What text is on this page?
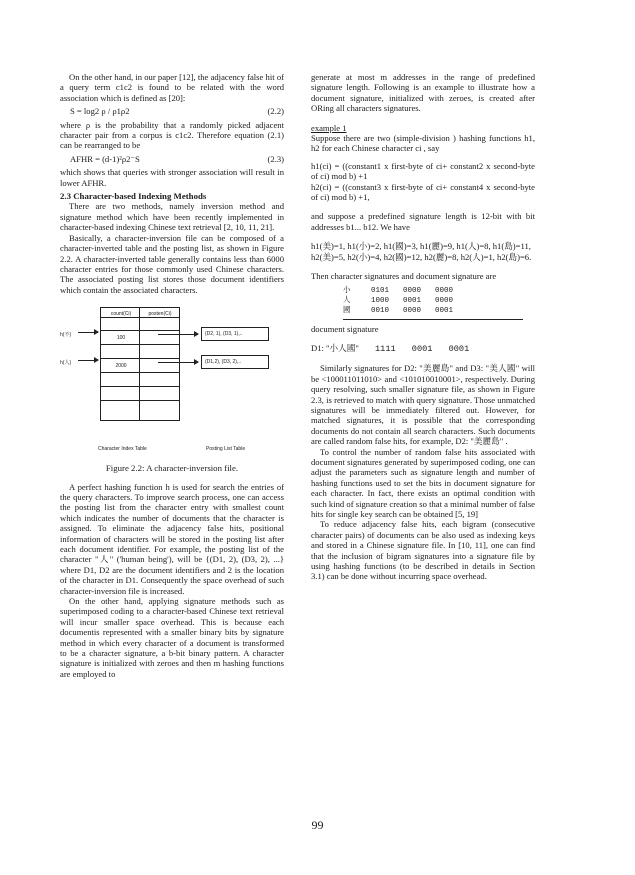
On the other hand, in our paper [12], the adjacency false hit of a query term c1c2 is found to be related with the word association which is defined as [20]:

S = log2 ρ / ρ1ρ2	(2.2)

where ρ is the probability that a randomly picked adjacent character pair from a corpus is c1c2. Therefore equation (2.1) can be rearranged to be

AFHR = (d-1)²ρ2⁻S	(2.3)

which shows that queries with stronger association will result in lower AFHR.

2.3 Character-based Indexing Methods

There are two methods, namely inversion method and signature method which have been recently implemented in character-based indexing Chinese text retrieval [2, 10, 11, 21].

Basically, a character-inversion file can be composed of a character-inverted table and the posting list, as shown in Figure 2.2. A character-inverted table generally contains less than 6000 character entries for those commonly used Chinese characters. The associated posting list stores those document identifiers which contain the associated characters.

count(Ci)	posten(Ci)
100
2000
h(不)
h(人)
(D2, 1), (D3, 1),..
(D1,2), (D3, 2),..
Character Index Table	Posting List Table
Figure 2.2: A character-inversion file.

A perfect hashing function h is used for search the entries of the query characters. To improve search process, one can access the posting list from the character entry with smallest count which indicates the number of documents that the character is assigned. To eliminate the adjacency false hits, positional information of characters will be stored in the posting list after each document identifier. For example, the posting list of the character "人" ('human being'), will be {(D1, 2), (D3, 2), ...} where D1, D2 are the document identifiers and 2 is the location of the character in D1. Consequently the space overhead of such character-inversion file is increased.

On the other hand, applying signature methods such as superimposed coding to a character-based Chinese text retrieval will incur smaller space overhead. This is because each documentis represented with a smaller binary bits by signature method in which every character of a document is transformed to be a character signature, a b-bit binary pattern. A character signature is initialized with zeroes and then m hashing functions are employed to

generate at most m addresses in the range of predefined signature length. Following is an example to illustrate how a document signature, initialized with zeroes, is created after ORing all characters signatures.

example 1

Suppose there are two (simple-division ) hashing functions h1, h2 for each Chinese character ci , say

h1(ci) = ((constant1 x first-byte of ci+ constant2 x second-byte of ci) mod b) +1

h2(ci) = ((constant3 x first-byte of ci+ constant4 x second-byte of ci) mod b) +1,

and suppose a predefined signature length is 12-bit with bit addresses b1... b12. We have

h1(美)=1, h1(小)=2, h1(國)=3, h1(麗)=9, h1(人)=8, h1(島)=11,

h2(美)=5, h2(小)=4, h2(國)=12, h2(麗)=8, h2(人)=1, h2(島)=6.

Then character signatures and document signature are

小	0101 0000 0000
人	1000 0001 0000
國	0010 0000 0001

document signature

D1: "小人國" 1111 0001 0001

Similarly signatures for D2: "美麗島" and D3: "美人國" will be <100011011010> and <101010010001>, respectively. During query resolving, such smaller signature file, as shown in Figure 2.3, is retrieved to match with query signature. Those unmatched signatures will be immediately filtered out. However, for matched signatures, it is possible that the corresponding documents do not contain all search characters. Such documents are called random false hits, for example, D2: "美麗島" .

To control the number of random false hits associated with document signatures generated by superimposed coding, one can adjust the parameters such as signature length and number of hashing functions used to set the bits in document signature for each character. In fact, there exists an optimal condition with such kind of signature creation so that a minimal number of false hits for single key search can be obtained [5, 19]

To reduce adjacency false hits, each bigram (consecutive character pairs) of documents can be also used as indexing keys and stored in a Chinese signature file. In [10, 11], one can find that the inclusion of bigram signatures into a signature file by using hashing functions (to be described in details in Section 3.1) can be done without incurring space overhead.

99
